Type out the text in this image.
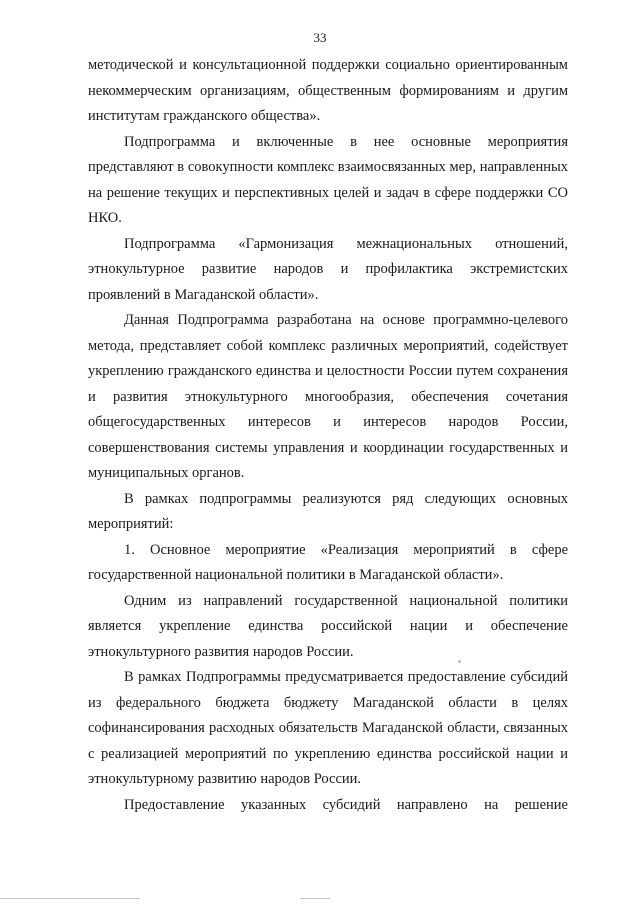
33

методической и консультационной поддержки социально ориентированным некоммерческим организациям, общественным формированиям и другим институтам гражданского общества».

Подпрограмма и включенные в нее основные мероприятия представляют в совокупности комплекс взаимосвязанных мер, направленных на решение текущих и перспективных целей и задач в сфере поддержки СО НКО.

Подпрограмма «Гармонизация межнациональных отношений, этнокультурное развитие народов и профилактика экстремистских проявлений в Магаданской области».

Данная Подпрограмма разработана на основе программно-целевого метода, представляет собой комплекс различных мероприятий, содействует укреплению гражданского единства и целостности России путем сохранения и развития этнокультурного многообразия, обеспечения сочетания общегосударственных интересов и интересов народов России, совершенствования системы управления и координации государственных и муниципальных органов.

В рамках подпрограммы реализуются ряд следующих основных мероприятий:

1. Основное мероприятие «Реализация мероприятий в сфере государственной национальной политики в Магаданской области».

Одним из направлений государственной национальной политики является укрепление единства российской нации и обеспечение этнокультурного развития народов России.

В рамках Подпрограммы предусматривается предоставление субсидий из федерального бюджета бюджету Магаданской области в целях софинансирования расходных обязательств Магаданской области, связанных с реализацией мероприятий по укреплению единства российской нации и этнокультурному развитию народов России.

Предоставление указанных субсидий направлено на решение
